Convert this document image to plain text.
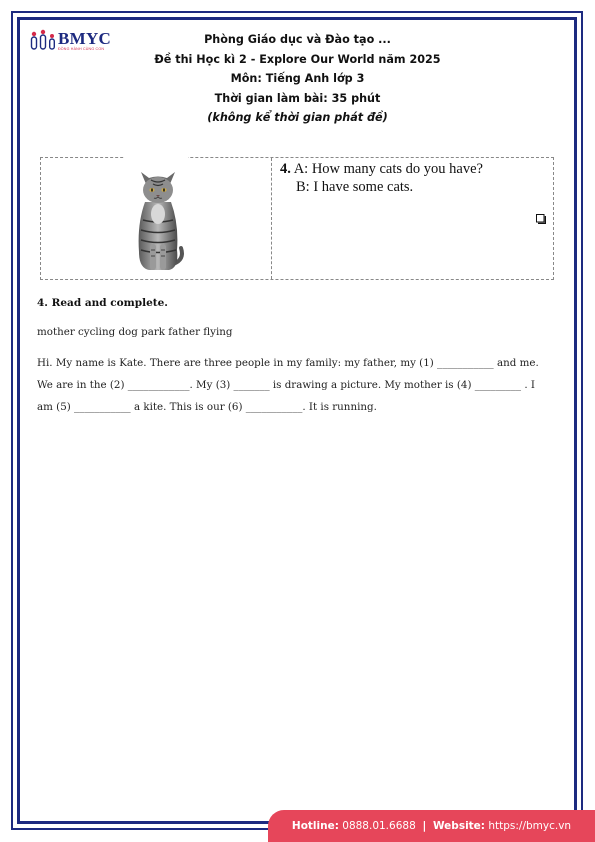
BMYC
ĐỒNG HÀNH CÙNG CON
Phòng Giáo dục và Đào tạo ...
Đề thi Học kì 2 - Explore Our World năm 2025
Môn: Tiếng Anh lớp 3
Thời gian làm bài: 35 phút
(không kể thời gian phát đề)
4. A: How many cats do you have?
B: I have some cats.
4. Read and complete.
mother cycling dog park father flying

Hi. My name is Kate. There are three people in my family: my father, my (1) ___________ and me.

We are in the (2) ____________. My (3) _______ is drawing a picture. My mother is (4) _________ . I

am (5) ___________ a kite. This is our (6) ___________. It is running.

Hotline: 0888.01.6688 | Website: https://bmyc.vn
